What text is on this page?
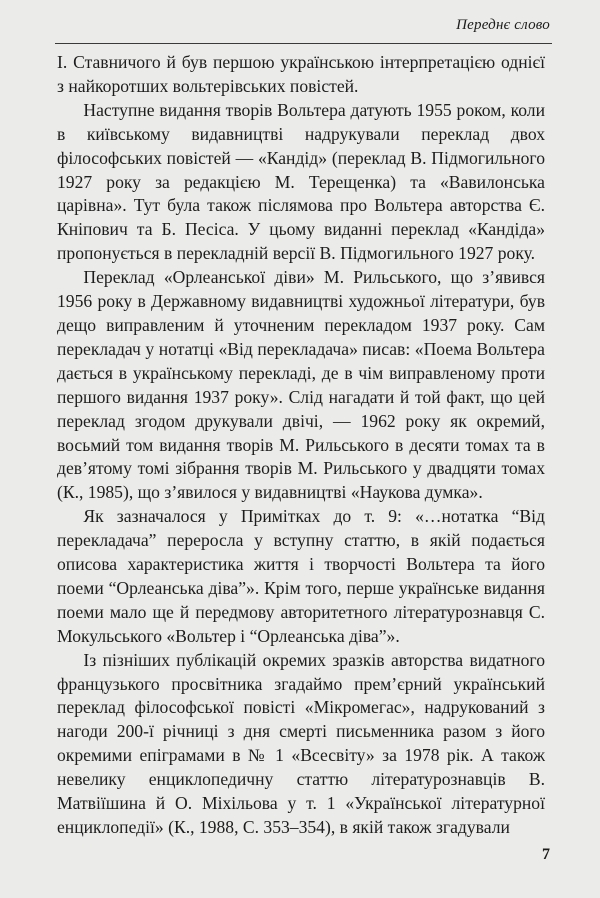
Переднє слово

І. Ставничого й був першою українською інтерпретацією однієї з найкоротших вольтерівських повістей.

Наступне видання творів Вольтера датують 1955 роком, коли в київському видавництві надрукували переклад двох філософських повістей — «Кандід» (переклад В. Підмогильного 1927 року за редакцією М. Терещенка) та «Вавилонська царівна». Тут була також післямова про Вольтера авторства Є. Кніпович та Б. Песіса. У цьому виданні переклад «Кандіда» пропонується в перекладній версії В. Підмогильного 1927 року.

Переклад «Орлеанської діви» М. Рильського, що з’явився 1956 року в Державному видавництві художньої літератури, був дещо виправленим й уточненим перекладом 1937 року. Сам перекладач у нотатці «Від перекладача» писав: «Поема Вольтера дається в українському перекладі, де в чім виправленому проти першого видання 1937 року». Слід нагадати й той факт, що цей переклад згодом друкували двічі, — 1962 року як окремий, восьмий том видання творів М. Рильського в десяти томах та в дев’ятому томі зібрання творів М. Рильського у двадцяти томах (К., 1985), що з’явилося у видавництві «Наукова думка».

Як зазначалося у Примітках до т. 9: «…нотатка “Від перекладача” переросла у вступну статтю, в якій подається описова характеристика життя і творчості Вольтера та його поеми “Орлеанська діва”». Крім того, перше українське видання поеми мало ще й передмову авторитетного літературознавця С. Мокульського «Вольтер і “Орлеанська діва”».

Із пізніших публікацій окремих зразків авторства видатного французького просвітника згадаймо прем’єрний український переклад філософської повісті «Мікромегас», надрукований з нагоди 200-ї річниці з дня смерті письменника разом з його окремими епіграмами в № 1 «Всесвіту» за 1978 рік. А також невелику енциклопедичну статтю літературознавців В. Матвіїшина й О. Міхільова у т. 1 «Української літературної енциклопедії» (К., 1988, С. 353–354), в якій також згадували

7
